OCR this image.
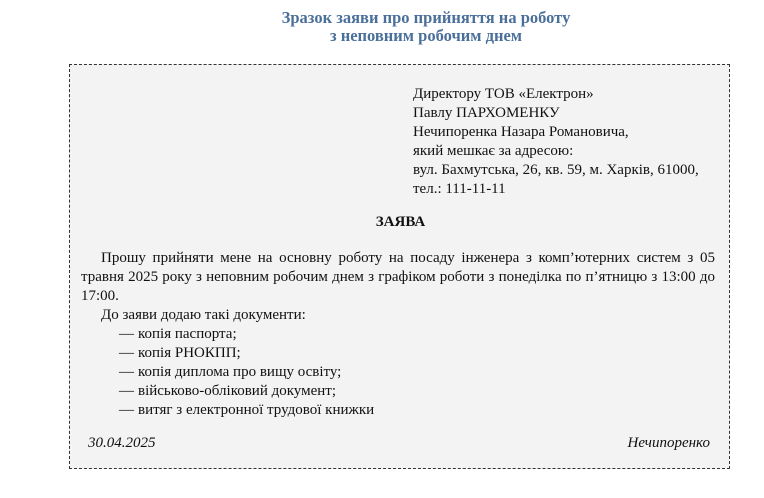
Зразок заяви про прийняття на роботу
з неповним робочим днем
Директору ТОВ «Електрон»
Павлу ПАРХОМЕНКУ
Нечипоренка Назара Романовича,
який мешкає за адресою:
вул. Бахмутська, 26, кв. 59, м. Харків, 61000,
тел.: 111-11-11
ЗАЯВА

Прошу прийняти мене на основну роботу на посаду інженера з комп’ютерних систем з 05 травня 2025 року з неповним робочим днем з графіком роботи з понеділка по п’ятницю з 13:00 до 17:00.

До заяви додаю такі документи:

— копія паспорта;
— копія РНОКПП;
— копія диплома про вищу освіту;
— військово-обліковий документ;
— витяг з електронної трудової книжки
30.04.2025	Нечипоренко
